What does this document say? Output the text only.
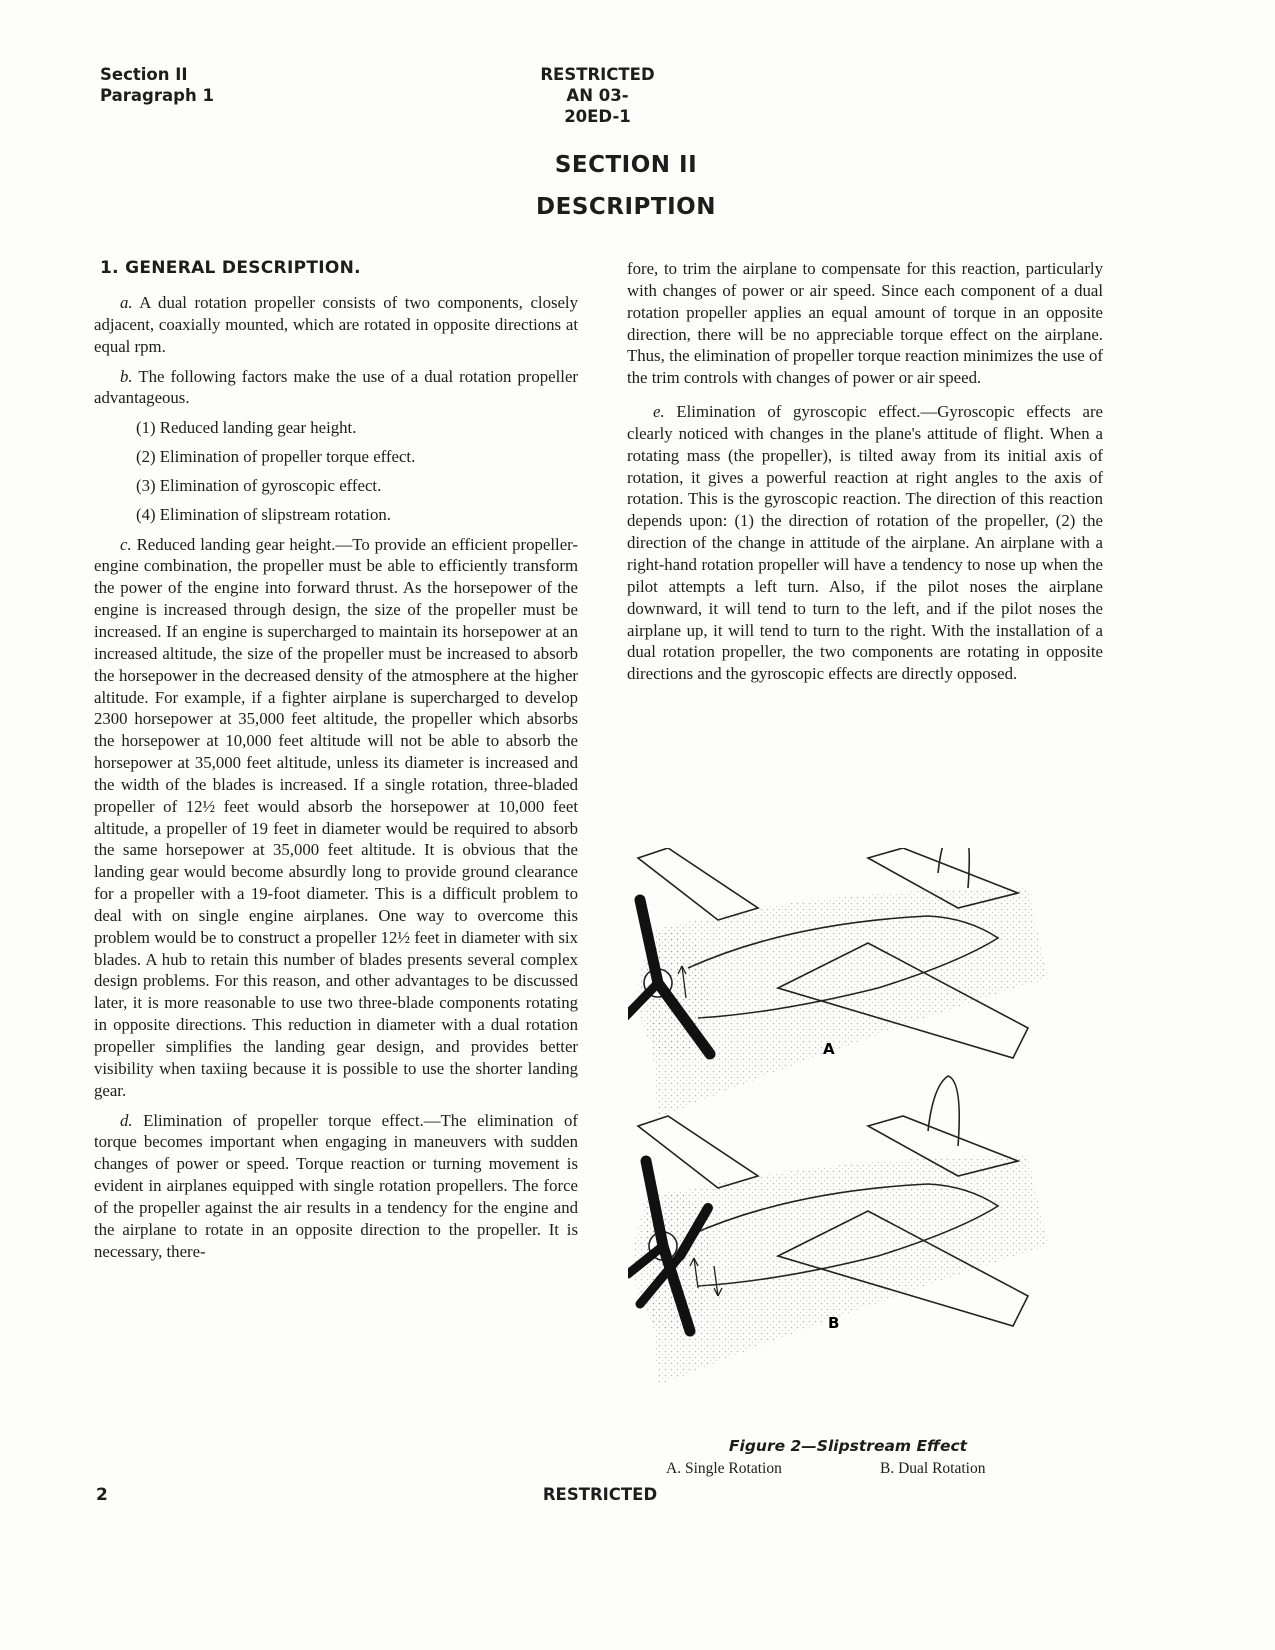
Section II
Paragraph 1
RESTRICTED
AN 03-20ED-1
SECTION II
DESCRIPTION

1. GENERAL DESCRIPTION.

a. A dual rotation propeller consists of two components, closely adjacent, coaxially mounted, which are rotated in opposite directions at equal rpm.

b. The following factors make the use of a dual rotation propeller advantageous.

(1) Reduced landing gear height.
(2) Elimination of propeller torque effect.
(3) Elimination of gyroscopic effect.
(4) Elimination of slipstream rotation.

c. Reduced landing gear height.—To provide an efficient propeller-engine combination, the propeller must be able to efficiently transform the power of the engine into forward thrust. As the horsepower of the engine is increased through design, the size of the propeller must be increased. If an engine is supercharged to maintain its horsepower at an increased altitude, the size of the propeller must be increased to absorb the horsepower in the decreased density of the atmosphere at the higher altitude. For example, if a fighter airplane is supercharged to develop 2300 horsepower at 35,000 feet altitude, the propeller which absorbs the horsepower at 10,000 feet altitude will not be able to absorb the horsepower at 35,000 feet altitude, unless its diameter is increased and the width of the blades is increased. If a single rotation, three-bladed propeller of 12½ feet would absorb the horsepower at 10,000 feet altitude, a propeller of 19 feet in diameter would be required to absorb the same horsepower at 35,000 feet altitude. It is obvious that the landing gear would become absurdly long to provide ground clearance for a propeller with a 19-foot diameter. This is a difficult problem to deal with on single engine airplanes. One way to overcome this problem would be to construct a propeller 12½ feet in diameter with six blades. A hub to retain this number of blades presents several complex design problems. For this reason, and other advantages to be discussed later, it is more reasonable to use two three-blade components rotating in opposite directions. This reduction in diameter with a dual rotation propeller simplifies the landing gear design, and provides better visibility when taxiing because it is possible to use the shorter landing gear.

d. Elimination of propeller torque effect.—The elimination of torque becomes important when engaging in maneuvers with sudden changes of power or speed. Torque reaction or turning movement is evident in airplanes equipped with single rotation propellers. The force of the propeller against the air results in a tendency for the engine and the airplane to rotate in an opposite direction to the propeller. It is necessary, there-

fore, to trim the airplane to compensate for this reaction, particularly with changes of power or air speed. Since each component of a dual rotation propeller applies an equal amount of torque in an opposite direction, there will be no appreciable torque effect on the airplane. Thus, the elimination of propeller torque reaction minimizes the use of the trim controls with changes of power or air speed.

e. Elimination of gyroscopic effect.—Gyroscopic effects are clearly noticed with changes in the plane's attitude of flight. When a rotating mass (the propeller), is tilted away from its initial axis of rotation, it gives a powerful reaction at right angles to the axis of rotation. This is the gyroscopic reaction. The direction of this reaction depends upon: (1) the direction of rotation of the propeller, (2) the direction of the change in attitude of the airplane. An airplane with a right-hand rotation propeller will have a tendency to nose up when the pilot attempts a left turn. Also, if the pilot noses the airplane downward, it will tend to turn to the left, and if the pilot noses the airplane up, it will tend to turn to the right. With the installation of a dual rotation propeller, the two components are rotating in opposite directions and the gyroscopic effects are directly opposed.

A
B
Figure 2—Slipstream Effect
A. Single Rotation	B. Dual Rotation
2	RESTRICTED
